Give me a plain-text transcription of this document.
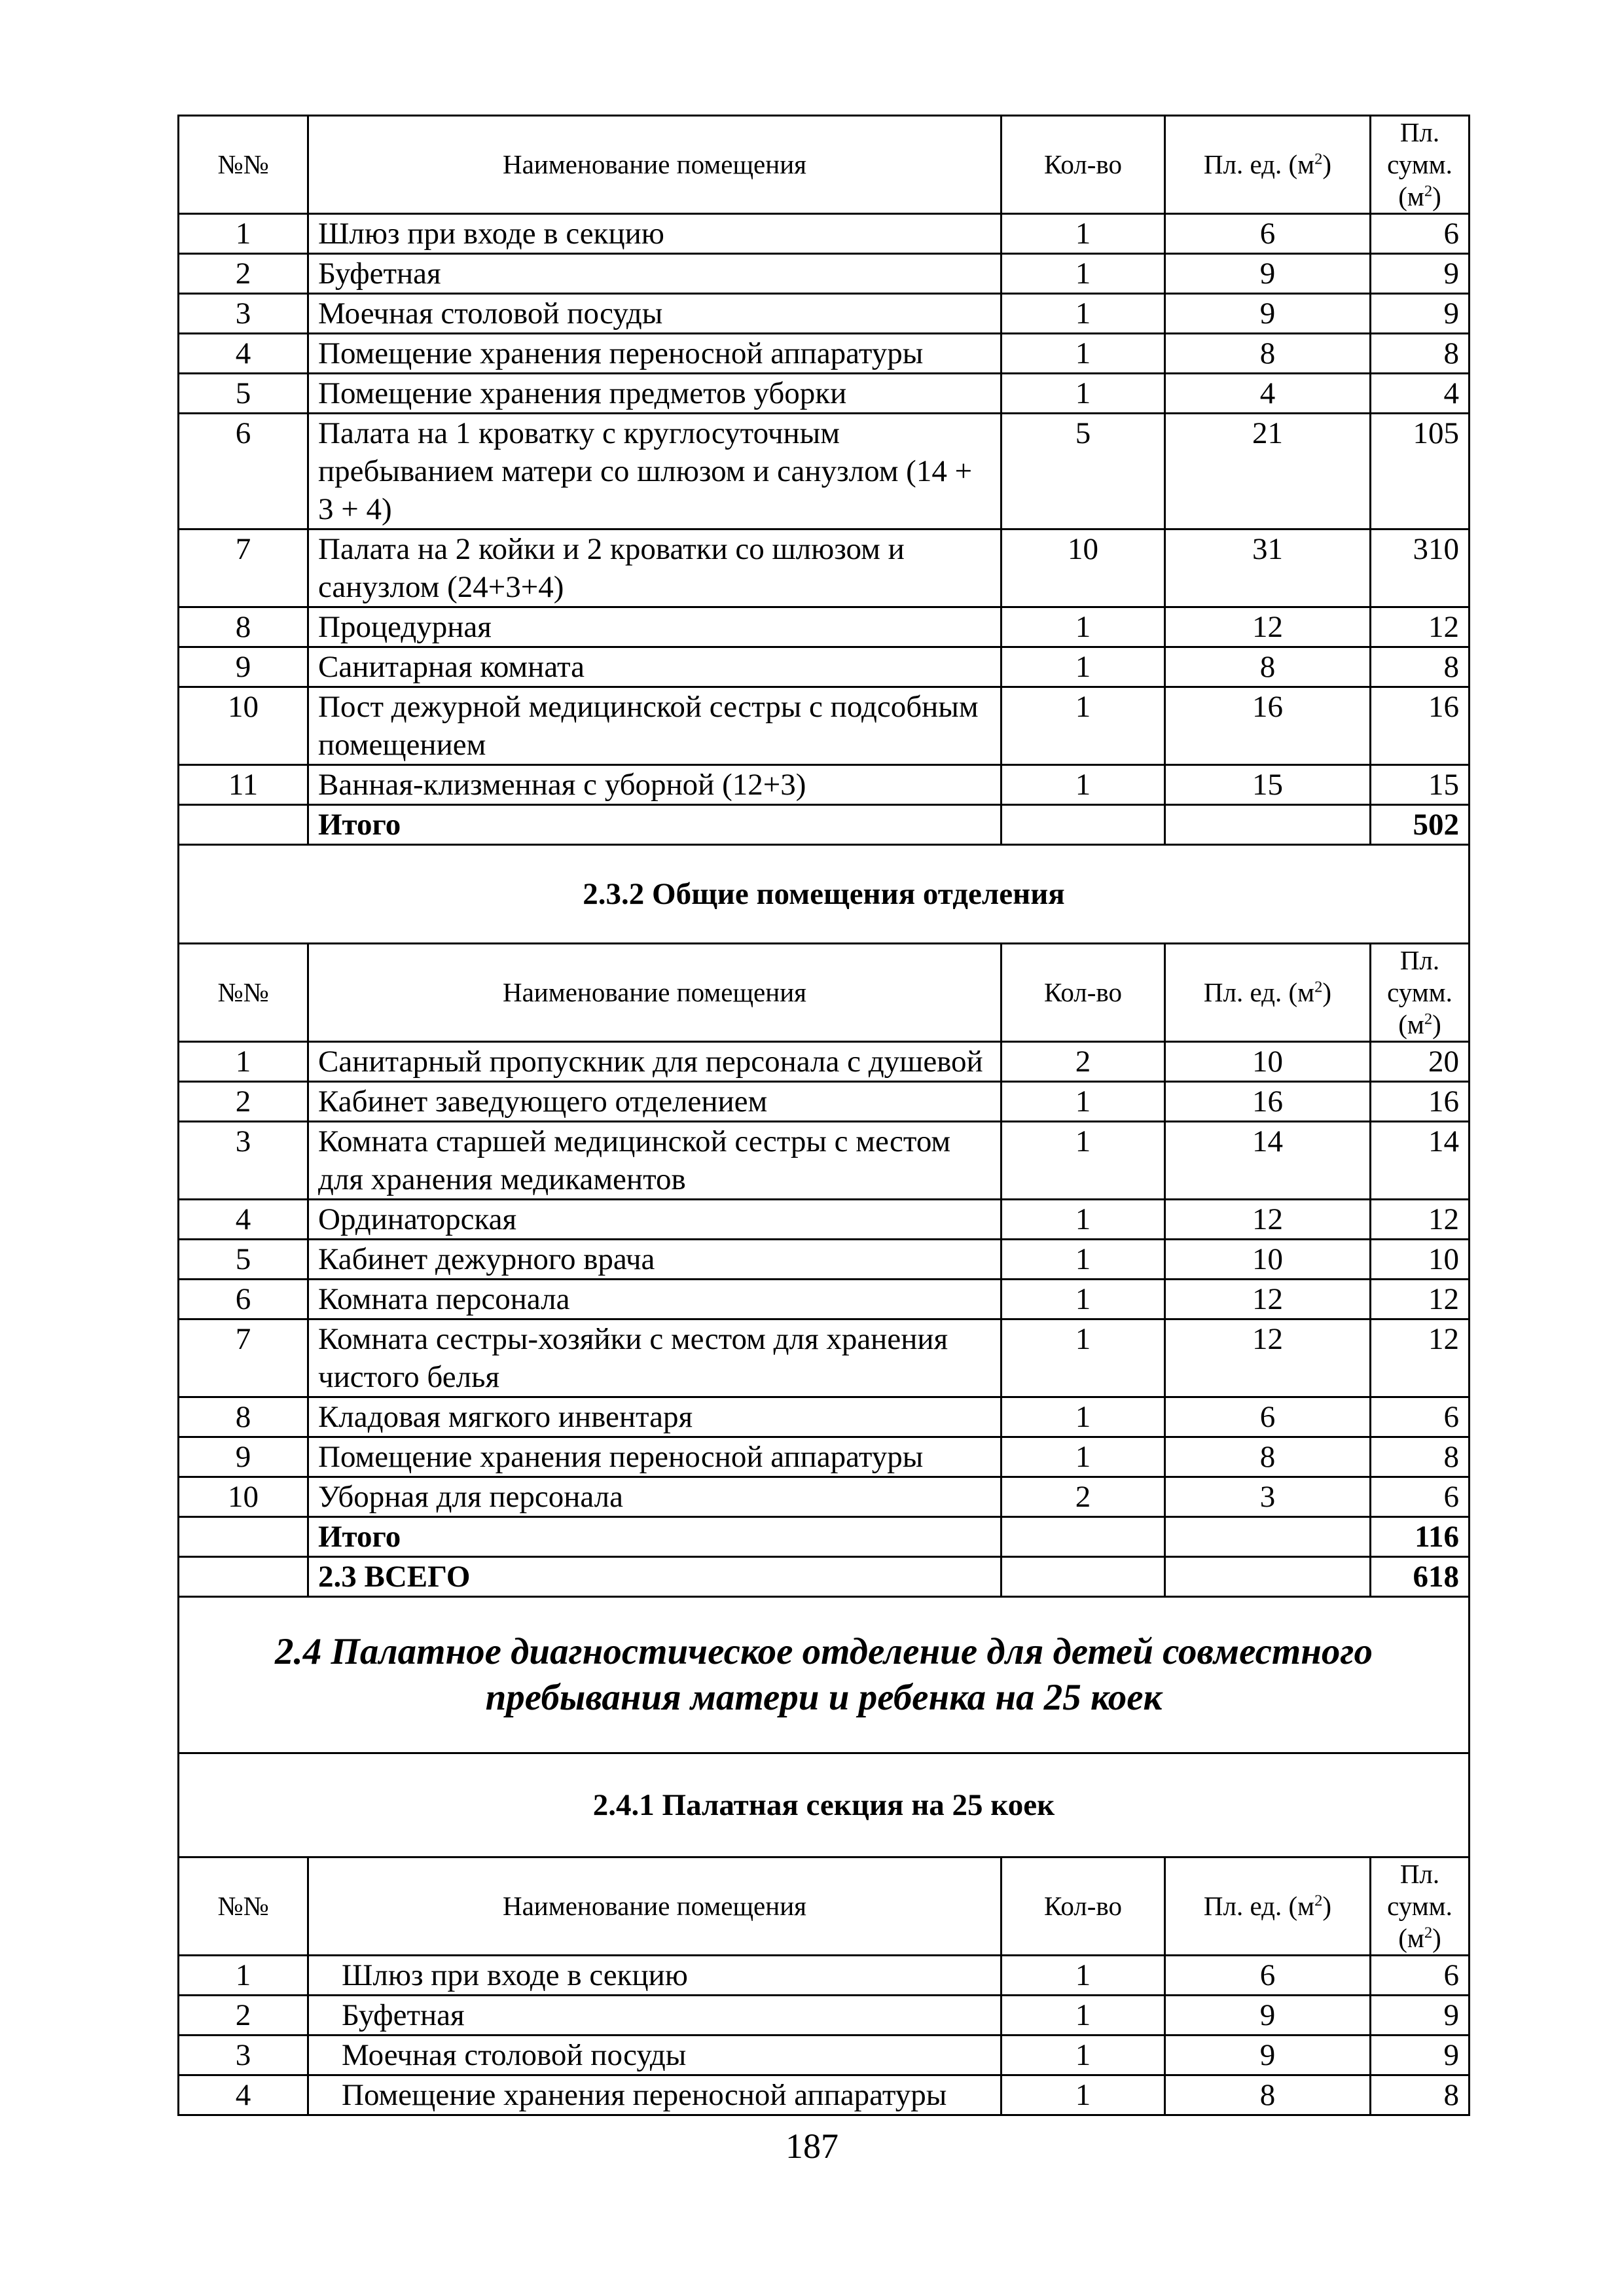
№№	Наименование помещения	Кол-во	Пл. ед. $(м^2)$	Пл.
сумм.
$(м^2)$
1	Шлюз при входе в секцию	1	6	6
2	Буфетная	1	9	9
3	Моечная столовой посуды	1	9	9
4	Помещение хранения переносной аппаратуры	1	8	8
5	Помещение хранения предметов уборки	1	4	4
6	Палата на 1 кроватку с круглосуточным пребыванием матери со шлюзом и санузлом (14 + 3 + 4)	5	21	105
7	Палата на 2 койки и 2 кроватки со шлюзом и санузлом (24+3+4)	10	31	310
8	Процедурная	1	12	12
9	Санитарная комната	1	8	8
10	Пост дежурной медицинской сестры с подсобным помещением	1	16	16
11	Ванная-клизменная с уборной (12+3)	1	15	15
	Итого			502
2.3.2 Общие помещения отделения				
№№	Наименование помещения	Кол-во	Пл. ед. $(м^2)$	Пл.
сумм.
$(м^2)$
1	Санитарный пропускник для персонала с душевой	2	10	20
2	Кабинет заведующего отделением	1	16	16
3	Комната старшей медицинской сестры с местом для хранения медикаментов	1	14	14
4	Ординаторская	1	12	12
5	Кабинет дежурного врача	1	10	10
6	Комната персонала	1	12	12
7	Комната сестры-хозяйки с местом для хранения чистого белья	1	12	12
8	Кладовая мягкого инвентаря	1	6	6
9	Помещение хранения переносной аппаратуры	1	8	8
10	Уборная для персонала	2	3	6
	Итого			116
	2.3 ВСЕГО			618
2.4 Палатное диагностическое отделение для детей совместного пребывания матери и ребенка на 25 коек				
2.4.1 Палатная секция на 25 коек				
№№	Наименование помещения	Кол-во	Пл. ед. $(м^2)$	Пл.
сумм.
$(м^2)$
1	Шлюз при входе в секцию	1	6	6
2	Буфетная	1	9	9
3	Моечная столовой посуды	1	9	9
4	Помещение хранения переносной аппаратуры	1	8	8
187
